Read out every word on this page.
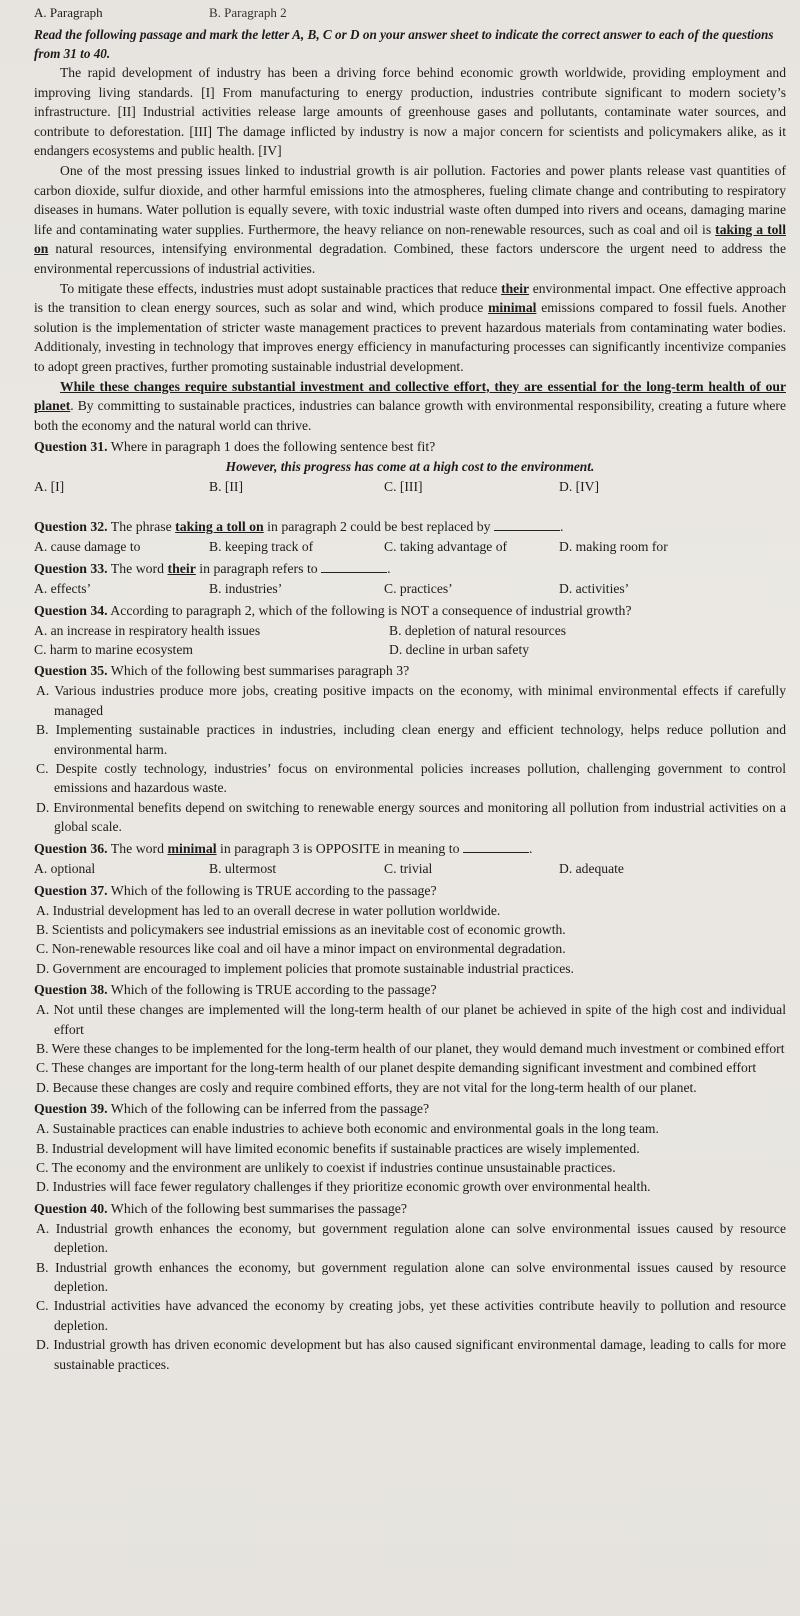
A. Paragraph	B. Paragraph 2
Read the following passage and mark the letter A, B, C or D on your answer sheet to indicate the correct answer to each of the questions from 31 to 40.

The rapid development of industry has been a driving force behind economic growth worldwide, providing employment and improving living standards. [I] From manufacturing to energy production, industries contribute significant to modern society’s infrastructure. [II] Industrial activities release large amounts of greenhouse gases and pollutants, contaminate water sources, and contribute to deforestation. [III] The damage inflicted by industry is now a major concern for scientists and policymakers alike, as it endangers ecosystems and public health. [IV]

One of the most pressing issues linked to industrial growth is air pollution. Factories and power plants release vast quantities of carbon dioxide, sulfur dioxide, and other harmful emissions into the atmospheres, fueling climate change and contributing to respiratory diseases in humans. Water pollution is equally severe, with toxic industrial waste often dumped into rivers and oceans, damaging marine life and contaminating water supplies. Furthermore, the heavy reliance on non-renewable resources, such as coal and oil is taking a toll on natural resources, intensifying environmental degradation. Combined, these factors underscore the urgent need to address the environmental repercussions of industrial activities.

To mitigate these effects, industries must adopt sustainable practices that reduce their environmental impact. One effective approach is the transition to clean energy sources, such as solar and wind, which produce minimal emissions compared to fossil fuels. Another solution is the implementation of stricter waste management practices to prevent hazardous materials from contaminating water bodies. Additionaly, investing in technology that improves energy efficiency in manufacturing processes can significantly incentivize companies to adopt green practives, further promoting sustainable industrial development.

While these changes require substantial investment and collective effort, they are essential for the long-term health of our planet. By committing to sustainable practices, industries can balance growth with environmental responsibility, creating a future where both the economy and the natural world can thrive.

Question 31. Where in paragraph 1 does the following sentence best fit?
However, this progress has come at a high cost to the environment.
A. [I]	B. [II]	C. [III]	D. [IV]
Question 32. The phrase taking a toll on in paragraph 2 could be best replaced by	.
A. cause damage to	B. keeping track of	C. taking advantage of	D. making room for
Question 33. The word their in paragraph refers to	.
A. effects’	B. industries’	C. practices’	D. activities’
Question 34. According to paragraph 2, which of the following is NOT a consequence of industrial growth?
A. an increase in respiratory health issues	B. depletion of natural resources
C. harm to marine ecosystem	D. decline in urban safety
Question 35. Which of the following best summarises paragraph 3?
A. Various industries produce more jobs, creating positive impacts on the economy, with minimal environmental effects if carefully managed
B. Implementing sustainable practices in industries, including clean energy and efficient technology, helps reduce pollution and environmental harm.
C. Despite costly technology, industries’ focus on environmental policies increases pollution, challenging government to control emissions and hazardous waste.
D. Environmental benefits depend on switching to renewable energy sources and monitoring all pollution from industrial activities on a global scale.
Question 36. The word minimal in paragraph 3 is OPPOSITE in meaning to	.
A. optional	B. ultermost	C. trivial	D. adequate
Question 37. Which of the following is TRUE according to the passage?
A. Industrial development has led to an overall decrese in water pollution worldwide.
B. Scientists and policymakers see industrial emissions as an inevitable cost of economic growth.
C. Non-renewable resources like coal and oil have a minor impact on environmental degradation.
D. Government are encouraged to implement policies that promote sustainable industrial practices.
Question 38. Which of the following is TRUE according to the passage?
A. Not until these changes are implemented will the long-term health of our planet be achieved in spite of the high cost and individual effort
B. Were these changes to be implemented for the long-term health of our planet, they would demand much investment or combined effort
C. These changes are important for the long-term health of our planet despite demanding significant investment and combined effort
D. Because these changes are cosly and require combined efforts, they are not vital for the long-term health of our planet.
Question 39. Which of the following can be inferred from the passage?
A. Sustainable practices can enable industries to achieve both economic and environmental goals in the long team.
B. Industrial development will have limited economic benefits if sustainable practices are wisely implemented.
C. The economy and the environment are unlikely to coexist if industries continue unsustainable practices.
D. Industries will face fewer regulatory challenges if they prioritize economic growth over environmental health.
Question 40. Which of the following best summarises the passage?
A. Industrial growth enhances the economy, but government regulation alone can solve environmental issues caused by resource depletion.
B. Industrial growth enhances the economy, but government regulation alone can solve environmental issues caused by resource depletion.
C. Industrial activities have advanced the economy by creating jobs, yet these activities contribute heavily to pollution and resource depletion.
D. Industrial growth has driven economic development but has also caused significant environmental damage, leading to calls for more sustainable practices.
